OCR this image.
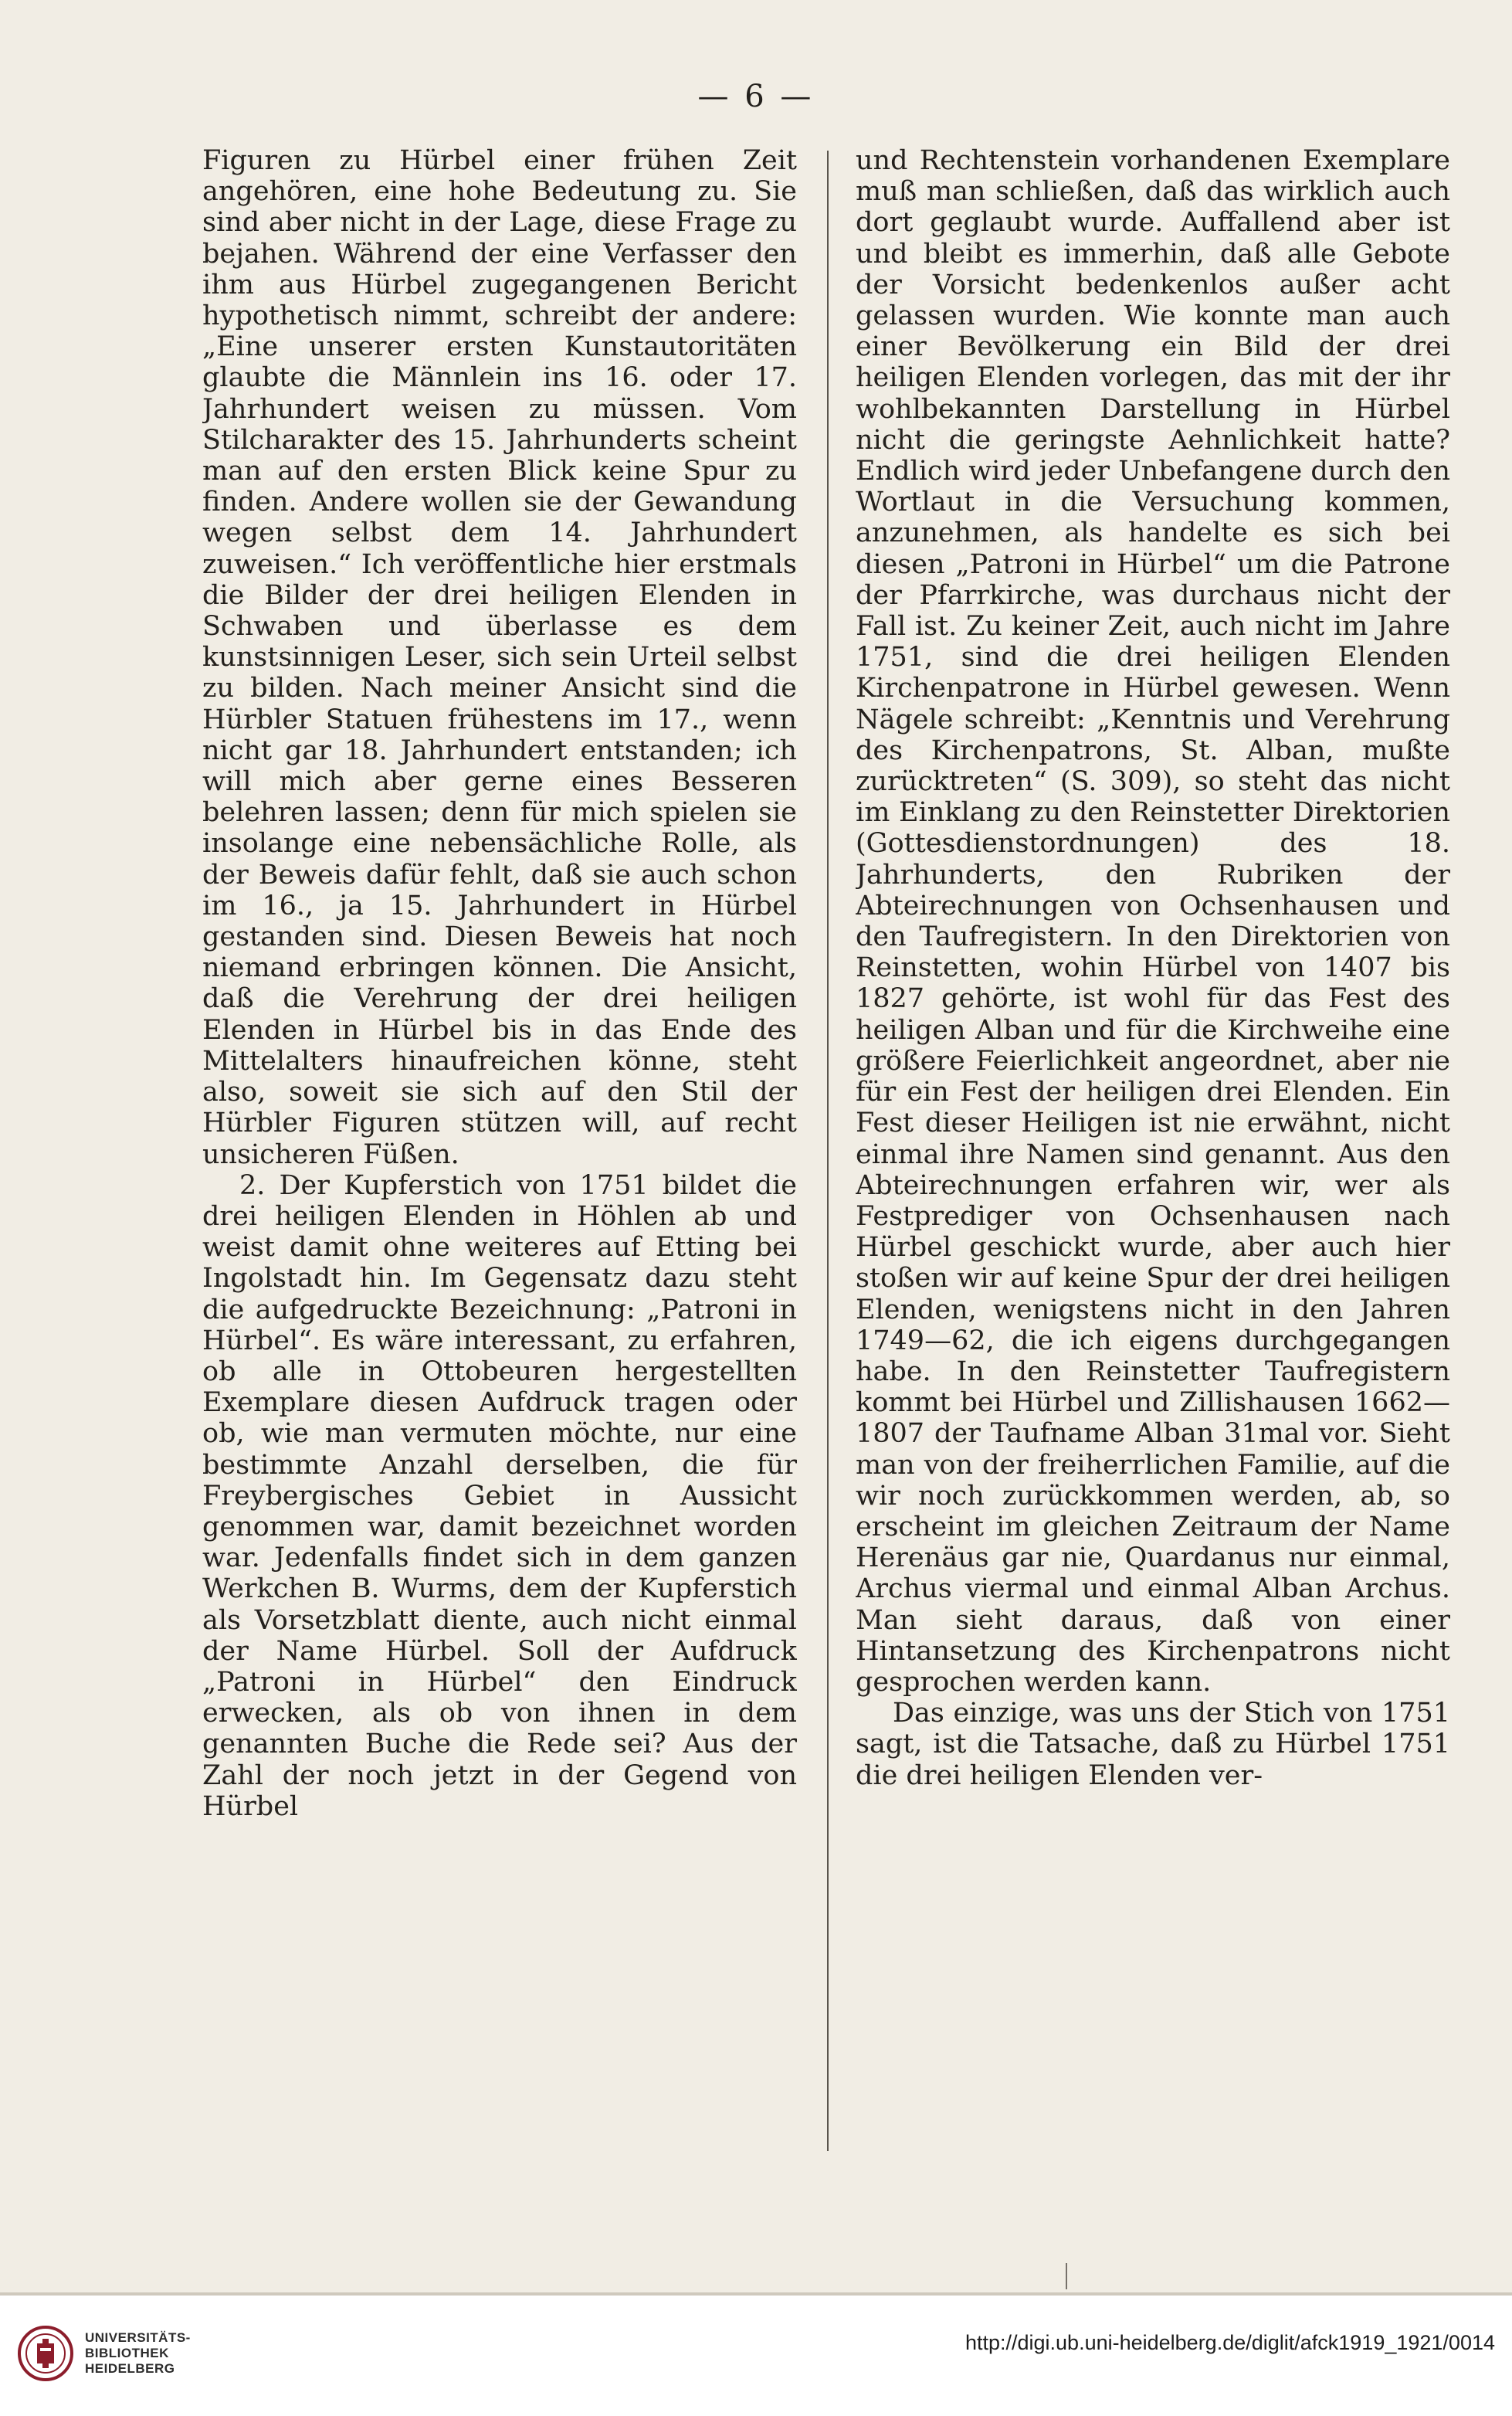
— 6 —

Figuren zu Hürbel einer frühen Zeit angehören, eine hohe Bedeutung zu. Sie sind aber nicht in der Lage, diese Frage zu bejahen. Während der eine Verfasser den ihm aus Hürbel zugegangenen Bericht hypothetisch nimmt, schreibt der andere: „Eine unserer ersten Kunstautoritäten glaubte die Männlein ins 16. oder 17. Jahrhundert weisen zu müssen. Vom Stilcharakter des 15. Jahrhunderts scheint man auf den ersten Blick keine Spur zu finden. Andere wollen sie der Gewandung wegen selbst dem 14. Jahrhundert zuweisen.“ Ich veröffentliche hier erstmals die Bilder der drei heiligen Elenden in Schwaben und überlasse es dem kunstsinnigen Leser, sich sein Urteil selbst zu bilden. Nach meiner Ansicht sind die Hürbler Statuen frühestens im 17., wenn nicht gar 18. Jahrhundert entstanden; ich will mich aber gerne eines Besseren belehren lassen; denn für mich spielen sie insolange eine nebensächliche Rolle, als der Beweis dafür fehlt, daß sie auch schon im 16., ja 15. Jahrhundert in Hürbel gestanden sind. Diesen Beweis hat noch niemand erbringen können. Die Ansicht, daß die Verehrung der drei heiligen Elenden in Hürbel bis in das Ende des Mittelalters hinaufreichen könne, steht also, soweit sie sich auf den Stil der Hürbler Figuren stützen will, auf recht unsicheren Füßen.

2. Der Kupferstich von 1751 bildet die drei heiligen Elenden in Höhlen ab und weist damit ohne weiteres auf Etting bei Ingolstadt hin. Im Gegensatz dazu steht die aufgedruckte Bezeichnung: „Patroni in Hürbel“. Es wäre interessant, zu erfahren, ob alle in Ottobeuren hergestellten Exemplare diesen Aufdruck tragen oder ob, wie man vermuten möchte, nur eine bestimmte Anzahl derselben, die für Freybergisches Gebiet in Aussicht genommen war, damit bezeichnet worden war. Jedenfalls findet sich in dem ganzen Werkchen B. Wurms, dem der Kupferstich als Vorsetzblatt diente, auch nicht einmal der Name Hürbel. Soll der Aufdruck „Patroni in Hürbel“ den Eindruck erwecken, als ob von ihnen in dem genannten Buche die Rede sei? Aus der Zahl der noch jetzt in der Gegend von Hürbel

und Rechtenstein vorhandenen Exemplare muß man schließen, daß das wirklich auch dort geglaubt wurde. Auffallend aber ist und bleibt es immerhin, daß alle Gebote der Vorsicht bedenkenlos außer acht gelassen wurden. Wie konnte man auch einer Bevölkerung ein Bild der drei heiligen Elenden vorlegen, das mit der ihr wohlbekannten Darstellung in Hürbel nicht die geringste Aehnlichkeit hatte? Endlich wird jeder Unbefangene durch den Wortlaut in die Versuchung kommen, anzunehmen, als handelte es sich bei diesen „Patroni in Hürbel“ um die Patrone der Pfarrkirche, was durchaus nicht der Fall ist. Zu keiner Zeit, auch nicht im Jahre 1751, sind die drei heiligen Elenden Kirchenpatrone in Hürbel gewesen. Wenn Nägele schreibt: „Kenntnis und Verehrung des Kirchenpatrons, St. Alban, mußte zurücktreten“ (S. 309), so steht das nicht im Einklang zu den Reinstetter Direktorien (Gottesdienstordnungen) des 18. Jahrhunderts, den Rubriken der Abteirechnungen von Ochsenhausen und den Taufregistern. In den Direktorien von Reinstetten, wohin Hürbel von 1407 bis 1827 gehörte, ist wohl für das Fest des heiligen Alban und für die Kirchweihe eine größere Feierlichkeit angeordnet, aber nie für ein Fest der heiligen drei Elenden. Ein Fest dieser Heiligen ist nie erwähnt, nicht einmal ihre Namen sind genannt. Aus den Abteirechnungen erfahren wir, wer als Festprediger von Ochsenhausen nach Hürbel geschickt wurde, aber auch hier stoßen wir auf keine Spur der drei heiligen Elenden, wenigstens nicht in den Jahren 1749—62, die ich eigens durchgegangen habe. In den Reinstetter Taufregistern kommt bei Hürbel und Zillishausen 1662—1807 der Taufname Alban 31mal vor. Sieht man von der freiherrlichen Familie, auf die wir noch zurückkommen werden, ab, so erscheint im gleichen Zeitraum der Name Herenäus gar nie, Quardanus nur einmal, Archus viermal und einmal Alban Archus. Man sieht daraus, daß von einer Hintansetzung des Kirchenpatrons nicht gesprochen werden kann.

Das einzige, was uns der Stich von 1751 sagt, ist die Tatsache, daß zu Hürbel 1751 die drei heiligen Elenden ver-

UNIVERSITÄTS-
BIBLIOTHEK
HEIDELBERG
http://digi.ub.uni-heidelberg.de/diglit/afck1919_1921/0014
